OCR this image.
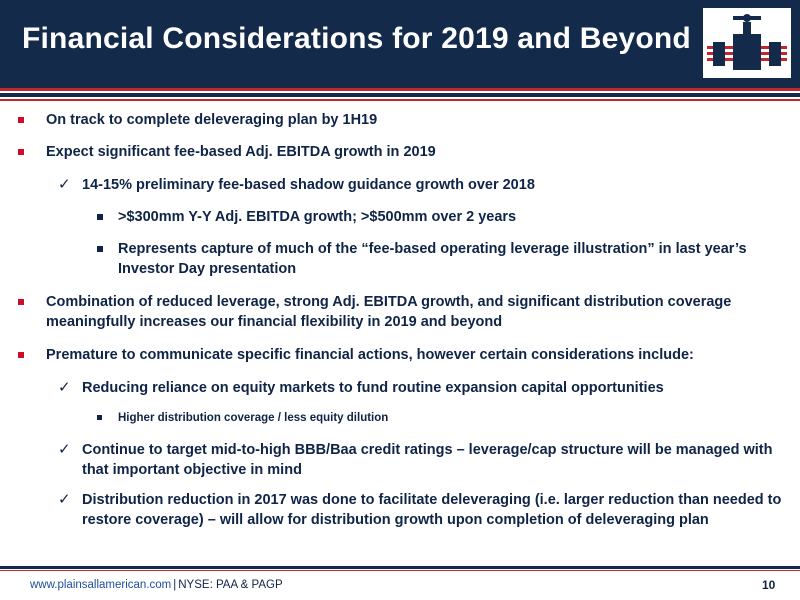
Financial Considerations for 2019 and Beyond
On track to complete deleveraging plan by 1H19
Expect significant fee-based Adj. EBITDA growth in 2019
✓ 14-15% preliminary fee-based shadow guidance growth over 2018
>$300mm Y-Y Adj. EBITDA growth; >$500mm over 2 years
Represents capture of much of the “fee-based operating leverage illustration” in last year’s Investor Day presentation
Combination of reduced leverage, strong Adj. EBITDA growth, and significant distribution coverage meaningfully increases our financial flexibility in 2019 and beyond
Premature to communicate specific financial actions, however certain considerations include:
✓ Reducing reliance on equity markets to fund routine expansion capital opportunities
Higher distribution coverage / less equity dilution
✓ Continue to target mid-to-high BBB/Baa credit ratings – leverage/cap structure will be managed with that important objective in mind
✓ Distribution reduction in 2017 was done to facilitate deleveraging (i.e. larger reduction than needed to restore coverage) – will allow for distribution growth upon completion of deleveraging plan
www.plainsallamerican.com | NYSE: PAA & PAGP	10
